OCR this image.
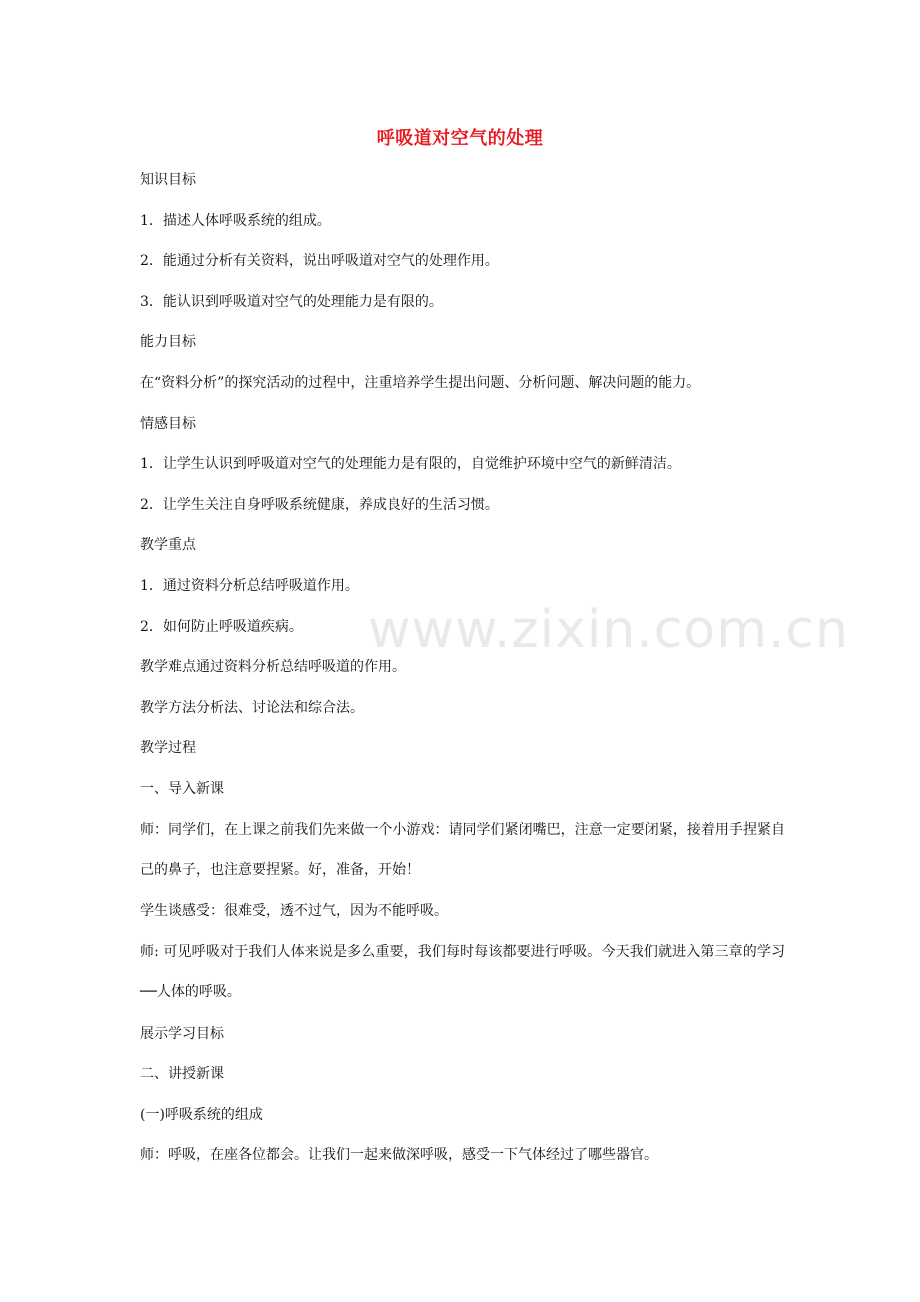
呼吸道对空气的处理
知识目标
1．描述人体呼吸系统的组成。
2．能通过分析有关资料，说出呼吸道对空气的处理作用。
3．能认识到呼吸道对空气的处理能力是有限的。
能力目标
在“资料分析”的探究活动的过程中，注重培养学生提出问题、分析问题、解决问题的能力。
情感目标
1．让学生认识到呼吸道对空气的处理能力是有限的，自觉维护环境中空气的新鲜清洁。
2．让学生关注自身呼吸系统健康，养成良好的生活习惯。
教学重点
1．通过资料分析总结呼吸道作用。
2．如何防止呼吸道疾病。
教学难点通过资料分析总结呼吸道的作用。
教学方法分析法、讨论法和综合法。
教学过程
一、导入新课
师：同学们，在上课之前我们先来做一个小游戏：请同学们紧闭嘴巴，注意一定要闭紧，接着用手捏紧自己的鼻子，也注意要捏紧。好，准备，开始！
学生谈感受：很难受，透不过气，因为不能呼吸。
师: 可见呼吸对于我们人体来说是多么重要，我们每时每该都要进行呼吸。今天我们就进入第三章的学习──人体的呼吸。
展示学习目标
二、讲授新课
(一)呼吸系统的组成
师：呼吸，在座各位都会。让我们一起来做深呼吸，感受一下气体经过了哪些器官。
www.zixin.com.cn
